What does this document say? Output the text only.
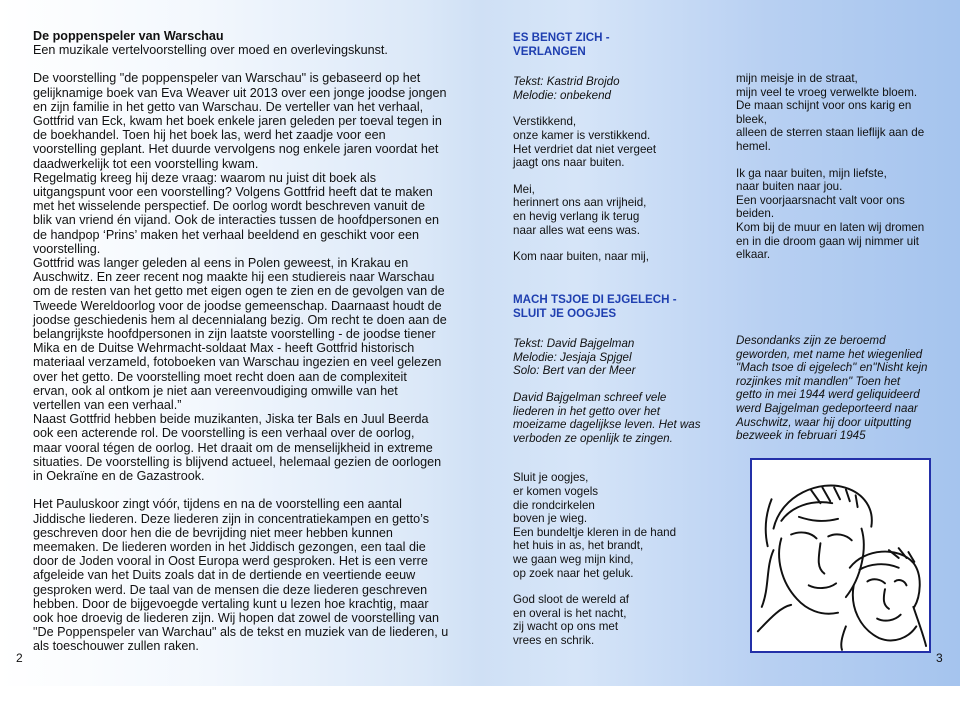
De poppenspeler van Warschau

Een muzikale vertelvoorstelling over moed en overlevingskunst.

De voorstelling "de poppenspeler van Warschau" is gebaseerd op het
gelijknamige boek van Eva Weaver uit 2013 over een jonge joodse jongen
en zijn familie in het getto van Warschau. De verteller van het verhaal,
Gottfrid van Eck, kwam het boek enkele jaren geleden per toeval tegen in
de boekhandel. Toen hij het boek las, werd het zaadje voor een
voorstelling geplant. Het duurde vervolgens nog enkele jaren voordat het
daadwerkelijk tot een voorstelling kwam.
Regelmatig kreeg hij deze vraag: waarom nu juist dit boek als
uitgangspunt voor een voorstelling? Volgens Gottfrid heeft dat te maken
met het wisselende perspectief. De oorlog wordt beschreven vanuit de
blik van vriend én vijand. Ook de interacties tussen de hoofdpersonen en
de handpop ‘Prins’ maken het verhaal beeldend en geschikt voor een
voorstelling.
Gottfrid was langer geleden al eens in Polen geweest, in Krakau en
Auschwitz. En zeer recent nog maakte hij een studiereis naar Warschau
om de resten van het getto met eigen ogen te zien en de gevolgen van de
Tweede Wereldoorlog voor de joodse gemeenschap. Daarnaast houdt de
joodse geschiedenis hem al decennialang bezig. Om recht te doen aan de
belangrijkste hoofdpersonen in zijn laatste voorstelling - de joodse tiener
Mika en de Duitse Wehrmacht-soldaat Max - heeft Gottfrid historisch
materiaal verzameld, fotoboeken van Warschau ingezien en veel gelezen
over het getto. De voorstelling moet recht doen aan de complexiteit
ervan, ook al ontkom je niet aan vereenvoudiging omwille van het
vertellen van een verhaal.”
Naast Gottfrid hebben beide muzikanten, Jiska ter Bals en Juul Beerda
ook een acterende rol. De voorstelling is een verhaal over de oorlog,
maar vooral tégen de oorlog. Het draait om de menselijkheid in extreme
situaties. De voorstelling is blijvend actueel, helemaal gezien de oorlogen
in Oekraïne en de Gazastrook.

Het Pauluskoor zingt vóór, tijdens en na de voorstelling een aantal
Jiddische liederen. Deze liederen zijn in concentratiekampen en getto’s
geschreven door hen die de bevrijding niet meer hebben kunnen
meemaken. De liederen worden in het Jiddisch gezongen, een taal die
door de Joden vooral in Oost Europa werd gesproken. Het is een verre
afgeleide van het Duits zoals dat in de dertiende en veertiende eeuw
gesproken werd. De taal van de mensen die deze liederen geschreven
hebben. Door de bijgevoegde vertaling kunt u lezen hoe krachtig, maar
ook hoe droevig de liederen zijn. Wij hopen dat zowel de voorstelling van
"De Poppenspeler van Warchau" als de tekst en muziek van de liederen, u
als toeschouwer zullen raken.

2

ES BENGT ZICH -
VERLANGEN

Tekst: Kastrid Brojdo
Melodie: onbekend

Verstikkend,
onze kamer is verstikkend.
Het verdriet dat niet vergeet
jaagt ons naar buiten.

Mei,
herinnert ons aan vrijheid,
en hevig verlang ik terug
naar alles wat eens was.

Kom naar buiten, naar mij,

mijn meisje in de straat,
mijn veel te vroeg verwelkte bloem.
De maan schijnt voor ons karig en
bleek,
alleen de sterren staan lieflijk aan de
hemel.

Ik ga naar buiten, mijn liefste,
naar buiten naar jou.
Een voorjaarsnacht valt voor ons
beiden.
Kom bij de muur en laten wij dromen
en in die droom gaan wij nimmer uit
elkaar.

MACH TSJOE DI EJGELECH -
SLUIT JE OOGJES

Tekst: David Bajgelman
Melodie: Jesjaja Spjgel
Solo: Bert van der Meer

David Bajgelman schreef vele
liederen in het getto over het
moeizame dagelijkse leven. Het was
verboden ze openlijk te zingen.

Sluit je oogjes,
er komen vogels
die rondcirkelen
boven je wieg.
Een bundeltje kleren in de hand
het huis in as, het brandt,
we gaan weg mijn kind,
op zoek naar het geluk.

God sloot de wereld af
en overal is het nacht,
zij wacht op ons met
vrees en schrik.

Desondanks zijn ze beroemd
geworden, met name het wiegenlied
"Mach tsoe di ejgelech" en"Nisht kejn
rozjinkes mit mandlen" Toen het
getto in mei 1944 werd geliquideerd
werd Bajgelman gedeporteerd naar
Auschwitz, waar hij door uitputting
bezweek in februari 1945

3
